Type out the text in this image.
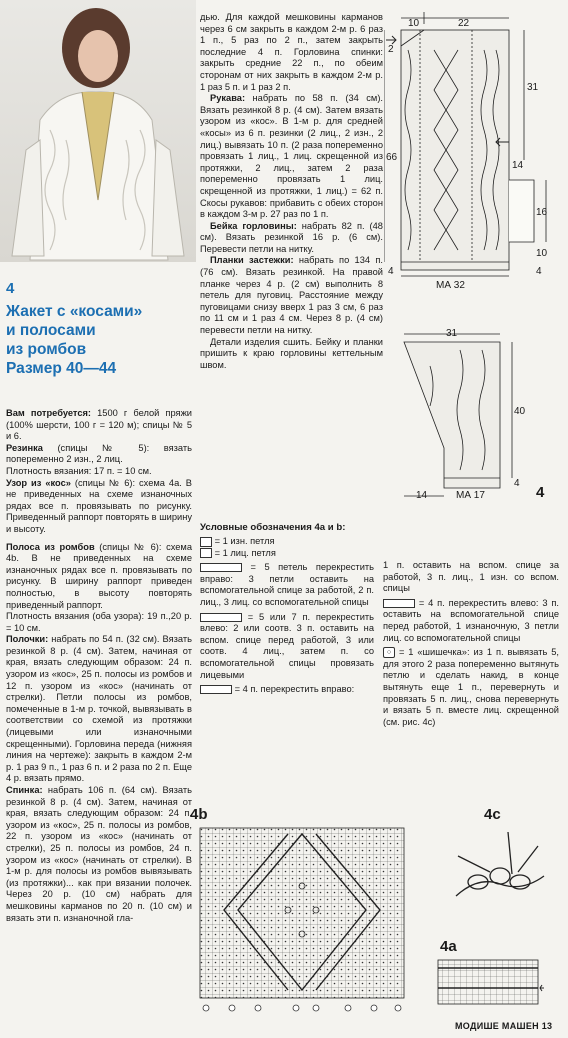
4
Жакет с «косами»
и полосами
из ромбов
Размер 40—44

Вам потребуется: 1500 г белой пряжи (100% шерсти, 100 г = 120 м); спицы № 5 и 6.

Резинка (спицы № 5): вязать попеременно 2 изн., 2 лиц.

Плотность вязания: 17 п. = 10 см.

Узор из «кос» (спицы № 6): схема 4а. В не приведенных на схеме изнаночных рядах все п. провязывать по рисунку. Приведенный раппорт повторять в ширину и высоту.

Полоса из ромбов (спицы № 6): схема 4b. В не приведенных на схеме изнаночных рядах все п. провязывать по рисунку. В ширину раппорт приведен полностью, в высоту повторять приведенный раппорт.

Плотность вязания (оба узора): 19 п.,20 р. = 10 см.

Полочки: набрать по 54 п. (32 см). Вязать резинкой 8 р. (4 см). Затем, начиная от края, вязать следующим образом: 24 п. узором из «кос», 25 п. полосы из ромбов и 12 п. узором из «кос» (начинать от стрелки). Петли полосы из ромбов, помеченные в 1-м р. точкой, вывязывать в соответствии со схемой из протяжки (лицевыми или изнаночными скрещенными). Горловина переда (нижняя линия на чертеже): закрыть в каждом 2-м р. 1 раз 9 п., 1 раз 6 п. и 2 раза по 2 п. Еще 4 р. вязать прямо.

Спинка: набрать 106 п. (64 см). Вязать резинкой 8 р. (4 см). Затем, начиная от края, вязать следующим образом: 24 п. узором из «кос», 25 п. полосы из ромбов, 22 п. узором из «кос» (начинать от стрелки), 25 п. полосы из ромбов, 24 п. узором из «кос» (начинать от стрелки). В 1-м р. для полосы из ромбов вывязывать (из протяжки)... как при вязании полочек. Через 20 р. (10 см) набрать для мешковины карманов по 20 п. (10 см) и вязать эти п. изнаночной гла-

дью. Для каждой мешковины карманов через 6 см закрыть в каждом 2-м р. 6 раз 1 п., 5 раз по 2 п., затем закрыть последние 4 п. Горловина спинки: закрыть средние 22 п., по обеим сторонам от них закрыть в каждом 2-м р. 1 раз 5 п. и 1 раз 2 п.

Рукава: набрать по 58 п. (34 см). Вязать резинкой 8 р. (4 см). Затем вязать узором из «кос». В 1-м р. для средней «косы» из 6 п. резинки (2 лиц., 2 изн., 2 лиц.) вывязать 10 п. (2 раза попеременно провязать 1 лиц., 1 лиц. скрещенной из протяжки, 2 лиц., затем 2 раза попеременно провязать 1 лиц. скрещенной из протяжки, 1 лиц.) = 62 п. Скосы рукавов: прибавить с обеих сторон в каждом 3-м р. 27 раз по 1 п.

Бейка горловины: набрать 82 п. (48 см). Вязать резинкой 16 р. (6 см). Перевести петли на нитку.

Планки застежки: набрать по 134 п. (76 см). Вязать резинкой. На правой планке через 4 р. (2 см) выполнить 8 петель для пуговиц. Расстояние между пуговицами снизу вверх 1 раз 3 см, 6 раз по 11 см и 1 раз 4 см. Через 8 р. (4 см) перевести петли на нитку.

Детали изделия сшить. Бейку и планки пришить к краю горловины кеттельным швом.

10	22
66
31
14
16
10
4
2
4
МА 32
31
40
14	МА 17
4
4
Условные обозначения 4а и b:
= 1 изн. петля
= 1 лиц. петля
= 5 петель перекрестить вправо: 3 петли оставить на вспомогательной спице за работой, 2 п. лиц., 3 лиц. со вспомогательной спицы
= 5 или 7 п. перекрестить влево: 2 или соотв. 3 п. оставить на вспом. спице перед работой, 3 или соотв. 4 лиц., затем п. со вспомогательной спицы провязать лицевыми
= 4 п. перекрестить вправо:
1 п. оставить на вспом. спице за работой, 3 п. лиц., 1 изн. со вспом. спицы
= 4 п. перекрестить влево: 3 п. оставить на вспомогательной спице перед работой, 1 изнаночную, 3 петли лиц. со вспомогательной спицы
○ = 1 «шишечка»: из 1 п. вывязать 5, для этого 2 раза попеременно вытянуть петлю и сделать накид, в конце вытянуть еще 1 п., перевернуть и провязать 5 п. лиц., снова перевернуть и вязать 5 п. вместе лиц. скрещенной (см. рис. 4c)
4b	4c
4a
МОДИШЕ МАШЕН 13
